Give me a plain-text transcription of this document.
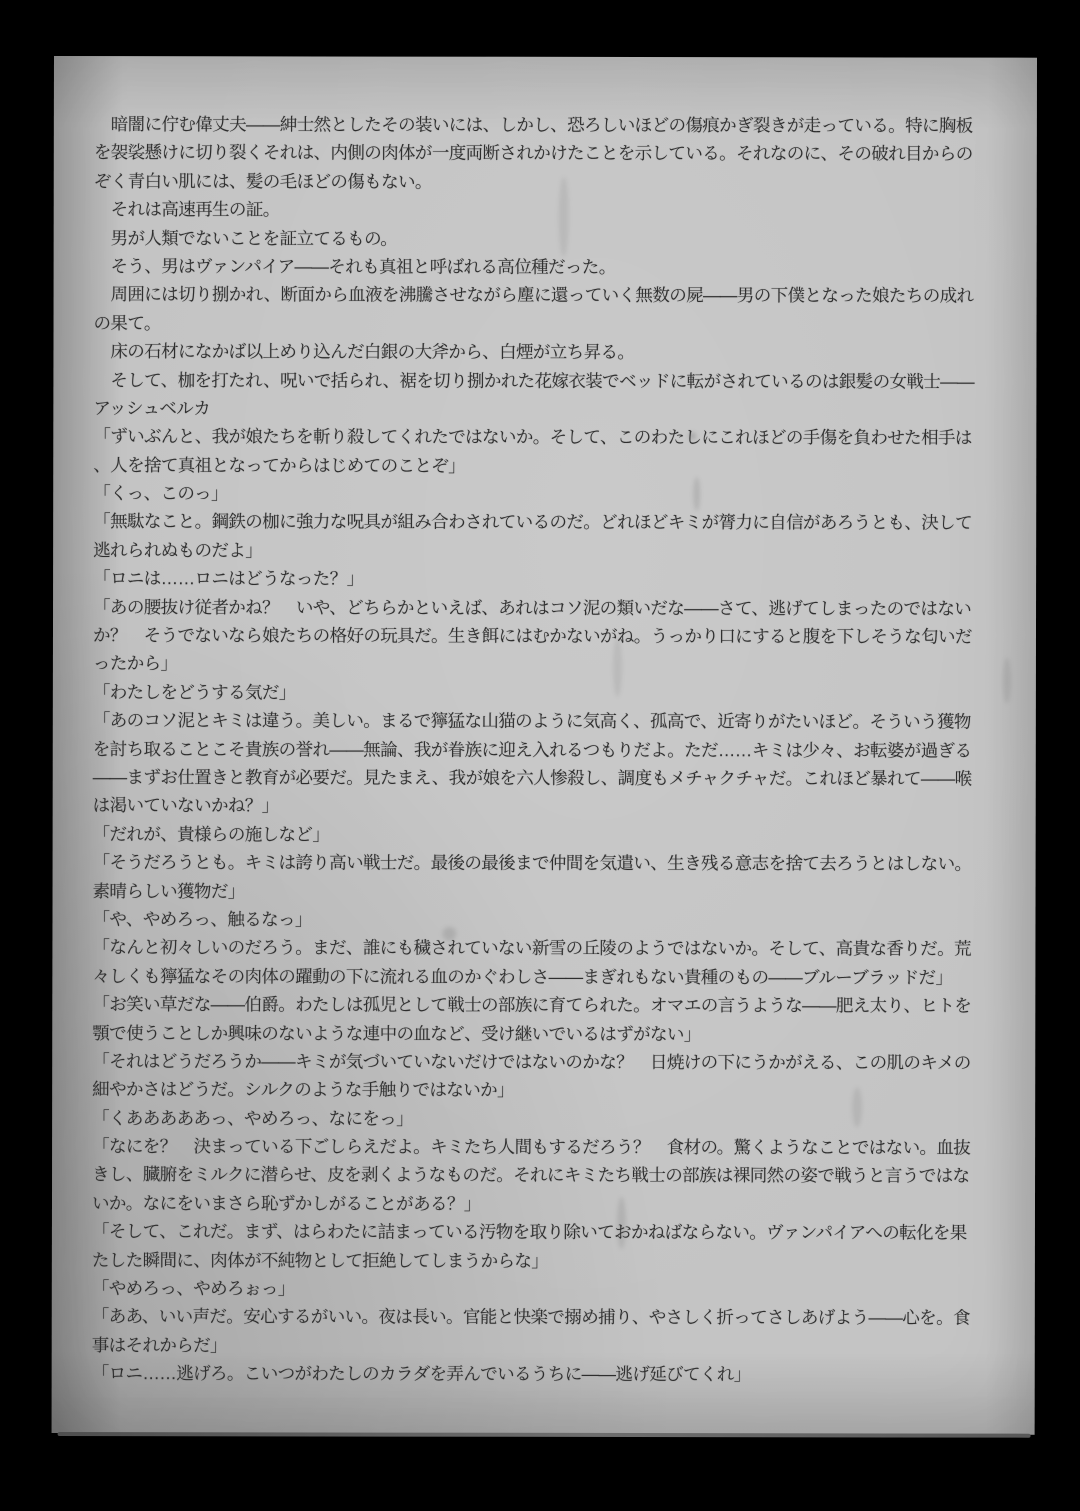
　暗闇に佇む偉丈夫――紳士然としたその装いには、しかし、恐ろしいほどの傷痕かぎ裂きが走っている。特に胸板
を袈裟懸けに切り裂くそれは、内側の肉体が一度両断されかけたことを示している。それなのに、その破れ目からの
ぞく青白い肌には、髪の毛ほどの傷もない。
　それは高速再生の証。
　男が人類でないことを証立てるもの。
　そう、男はヴァンパイア――それも真祖と呼ばれる高位種だった。
　周囲には切り捌かれ、断面から血液を沸騰させながら塵に還っていく無数の屍――男の下僕となった娘たちの成れ
の果て。
　床の石材になかば以上めり込んだ白銀の大斧から、白煙が立ち昇る。
　そして、枷を打たれ、呪いで括られ、裾を切り捌かれた花嫁衣装でベッドに転がされているのは銀髪の女戦士――
アッシュベルカ
「ずいぶんと、我が娘たちを斬り殺してくれたではないか。そして、このわたしにこれほどの手傷を負わせた相手は
、人を捨て真祖となってからはじめてのことぞ」
「くっ、このっ」
「無駄なこと。鋼鉄の枷に強力な呪具が組み合わされているのだ。どれほどキミが膂力に自信があろうとも、決して
逃れられぬものだよ」
「ロニは……ロニはどうなった？」
「あの腰抜け従者かね？　いや、どちらかといえば、あれはコソ泥の類いだな――さて、逃げてしまったのではない
か？　そうでないなら娘たちの格好の玩具だ。生き餌にはむかないがね。うっかり口にすると腹を下しそうな匂いだ
ったから」
「わたしをどうする気だ」
「あのコソ泥とキミは違う。美しい。まるで獰猛な山猫のように気高く、孤高で、近寄りがたいほど。そういう獲物
を討ち取ることこそ貴族の誉れ――無論、我が眷族に迎え入れるつもりだよ。ただ……キミは少々、お転婆が過ぎる
――まずお仕置きと教育が必要だ。見たまえ、我が娘を六人惨殺し、調度もメチャクチャだ。これほど暴れて――喉
は渇いていないかね？」
「だれが、貴様らの施しなど」
「そうだろうとも。キミは誇り高い戦士だ。最後の最後まで仲間を気遣い、生き残る意志を捨て去ろうとはしない。
素晴らしい獲物だ」
「や、やめろっ、触るなっ」
「なんと初々しいのだろう。まだ、誰にも穢されていない新雪の丘陵のようではないか。そして、高貴な香りだ。荒
々しくも獰猛なその肉体の躍動の下に流れる血のかぐわしさ――まぎれもない貴種のもの――ブルーブラッドだ」
「お笑い草だな――伯爵。わたしは孤児として戦士の部族に育てられた。オマエの言うような――肥え太り、ヒトを
顎で使うことしか興味のないような連中の血など、受け継いでいるはずがない」
「それはどうだろうか――キミが気づいていないだけではないのかな？　日焼けの下にうかがえる、この肌のキメの
細やかさはどうだ。シルクのような手触りではないか」
「くあああああっ、やめろっ、なにをっ」
「なにを？　決まっている下ごしらえだよ。キミたち人間もするだろう？　食材の。驚くようなことではない。血抜
きし、臓腑をミルクに潜らせ、皮を剥くようなものだ。それにキミたち戦士の部族は裸同然の姿で戦うと言うではな
いか。なにをいまさら恥ずかしがることがある？」
「そして、これだ。まず、はらわたに詰まっている汚物を取り除いておかねばならない。ヴァンパイアへの転化を果
たした瞬間に、肉体が不純物として拒絶してしまうからな」
「やめろっ、やめろぉっ」
「ああ、いい声だ。安心するがいい。夜は長い。官能と快楽で搦め捕り、やさしく折ってさしあげよう――心を。食
事はそれからだ」
「ロニ……逃げろ。こいつがわたしのカラダを弄んでいるうちに――逃げ延びてくれ」
